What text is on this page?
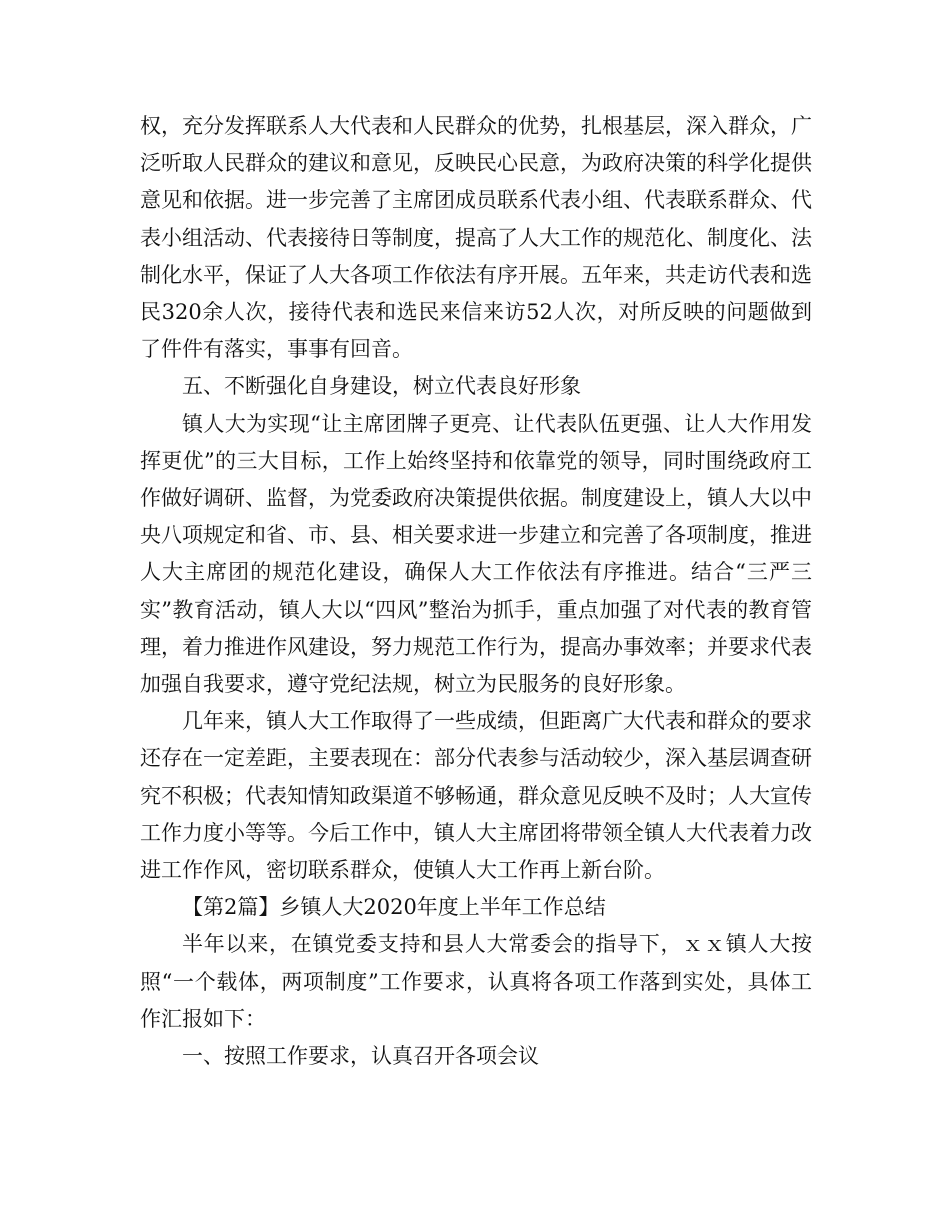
权，充分发挥联系人大代表和人民群众的优势，扎根基层，深入群众，广泛听取人民群众的建议和意见，反映民心民意，为政府决策的科学化提供意见和依据。进一步完善了主席团成员联系代表小组、代表联系群众、代表小组活动、代表接待日等制度，提高了人大工作的规范化、制度化、法制化水平，保证了人大各项工作依法有序开展。五年来，共走访代表和选民320余人次，接待代表和选民来信来访52人次，对所反映的问题做到了件件有落实，事事有回音。

五、不断强化自身建设，树立代表良好形象

镇人大为实现“让主席团牌子更亮、让代表队伍更强、让人大作用发挥更优”的三大目标，工作上始终坚持和依靠党的领导，同时围绕政府工作做好调研、监督，为党委政府决策提供依据。制度建设上，镇人大以中央八项规定和省、市、县、相关要求进一步建立和完善了各项制度，推进人大主席团的规范化建设，确保人大工作依法有序推进。结合“三严三实”教育活动，镇人大以“四风”整治为抓手，重点加强了对代表的教育管理，着力推进作风建设，努力规范工作行为，提高办事效率；并要求代表加强自我要求，遵守党纪法规，树立为民服务的良好形象。

几年来，镇人大工作取得了一些成绩，但距离广大代表和群众的要求还存在一定差距，主要表现在：部分代表参与活动较少，深入基层调查研究不积极；代表知情知政渠道不够畅通，群众意见反映不及时；人大宣传工作力度小等等。今后工作中，镇人大主席团将带领全镇人大代表着力改进工作作风，密切联系群众，使镇人大工作再上新台阶。

【第2篇】乡镇人大2020年度上半年工作总结

半年以来，在镇党委支持和县人大常委会的指导下，ｘｘ镇人大按照“一个载体，两项制度”工作要求，认真将各项工作落到实处，具体工作汇报如下：

一、按照工作要求，认真召开各项会议
